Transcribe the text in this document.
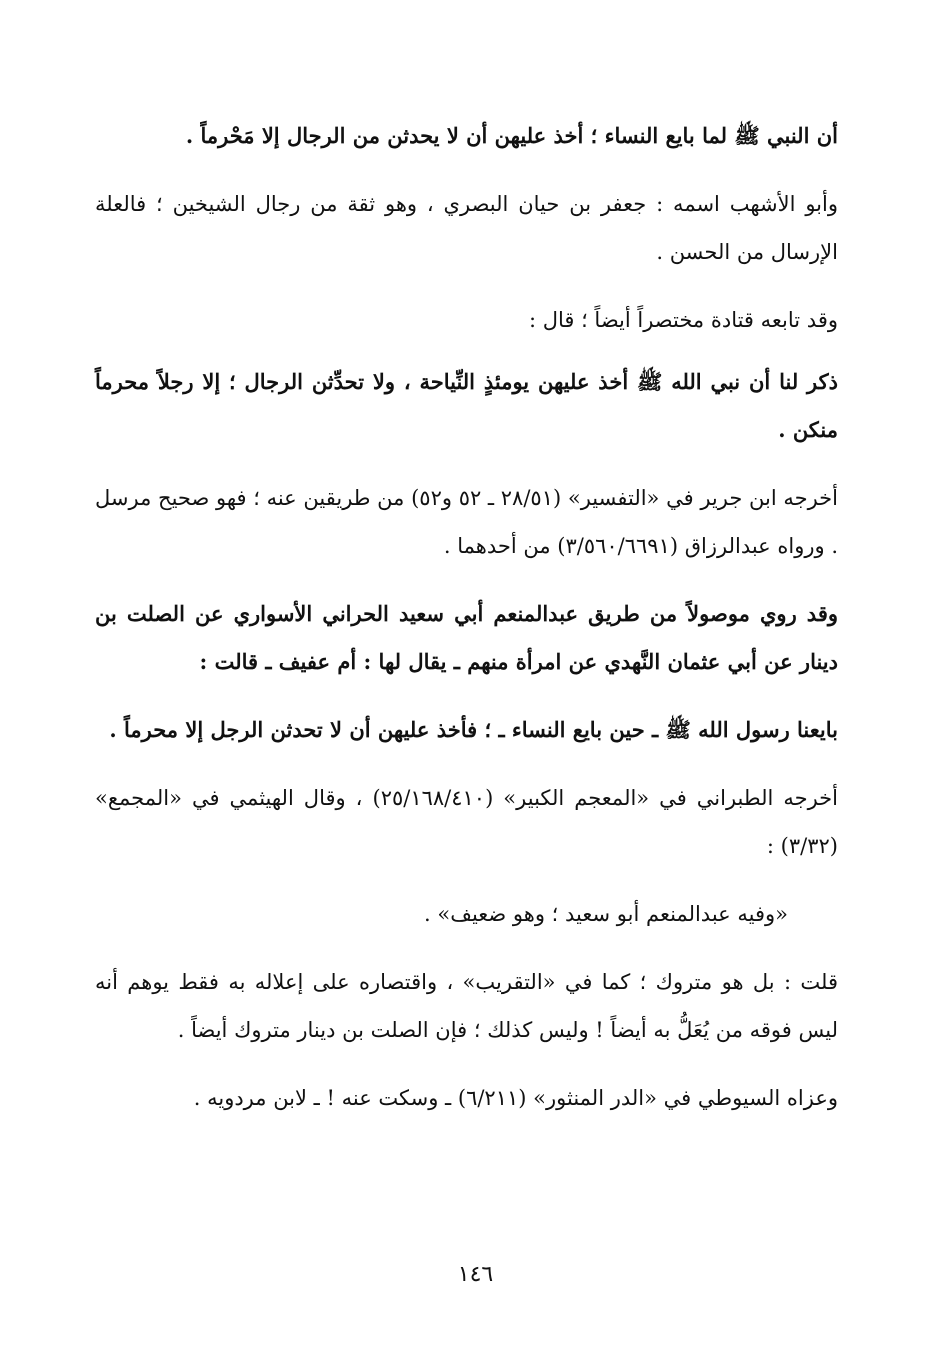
أن النبي ﷺ لما بايع النساء ؛ أخذ عليهن أن لا يحدثن من الرجال إلا مَحْرماً .

وأبو الأشهب اسمه : جعفر بن حيان البصري ، وهو ثقة من رجال الشيخين ؛ فالعلة الإرسال من الحسن .

وقد تابعه قتادة مختصراً أيضاً ؛ قال :

ذكر لنا أن نبي الله ﷺ أخذ عليهن يومئذٍ النِّياحة ، ولا تحدِّثن الرجال ؛ إلا رجلاً محرماً منكن .

أخرجه ابن جرير في «التفسير» (٢٨/٥١ ـ ٥٢ و٥٢) من طريقين عنه ؛ فهو صحيح مرسل . ورواه عبدالرزاق (٣/٥٦٠/٦٦٩١) من أحدهما .

وقد روي موصولاً من طريق عبدالمنعم أبي سعيد الحراني الأسواري عن الصلت بن دينار عن أبي عثمان النَّهدي عن امرأة منهم ـ يقال لها : أم عفيف ـ قالت :

بايعنا رسول الله ﷺ ـ حين بايع النساء ـ ؛ فأخذ عليهن أن لا تحدثن الرجل إلا محرماً .

أخرجه الطبراني في «المعجم الكبير» (٢٥/١٦٨/٤١٠) ، وقال الهيثمي في «المجمع» (٣/٣٢) :

«وفيه عبدالمنعم أبو سعيد ؛ وهو ضعيف» .

قلت : بل هو متروك ؛ كما في «التقريب» ، واقتصاره على إعلاله به فقط يوهم أنه ليس فوقه من يُعَلُّ به أيضاً ! وليس كذلك ؛ فإن الصلت بن دينار متروك أيضاً .

وعزاه السيوطي في «الدر المنثور» (٦/٢١١) ـ وسكت عنه ! ـ لابن مردويه .

١٤٦
